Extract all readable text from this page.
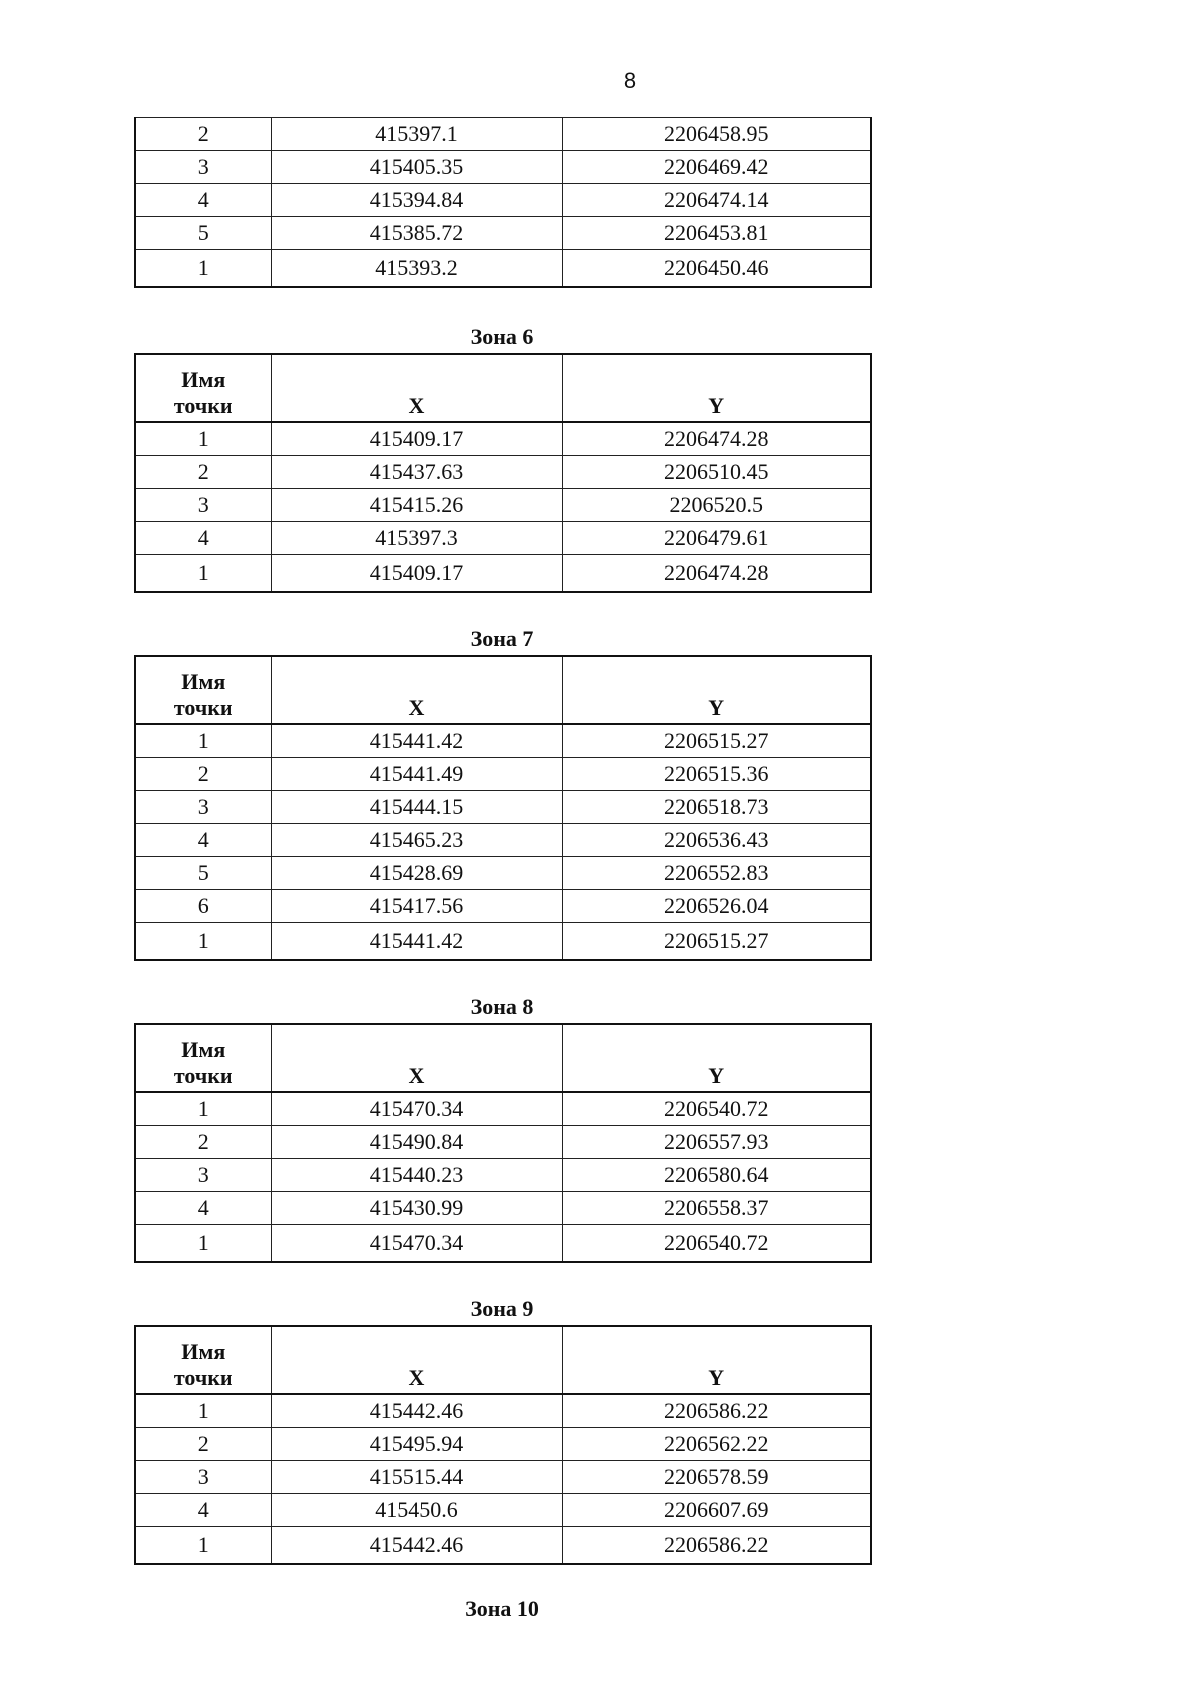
8
2	415397.1	2206458.95
3	415405.35	2206469.42
4	415394.84	2206474.14
5	415385.72	2206453.81
1	415393.2	2206450.46
Зона 6
Имя
точки	X	Y
1	415409.17	2206474.28
2	415437.63	2206510.45
3	415415.26	2206520.5
4	415397.3	2206479.61
1	415409.17	2206474.28
Зона 7
Имя
точки	X	Y
1	415441.42	2206515.27
2	415441.49	2206515.36
3	415444.15	2206518.73
4	415465.23	2206536.43
5	415428.69	2206552.83
6	415417.56	2206526.04
1	415441.42	2206515.27
Зона 8
Имя
точки	X	Y
1	415470.34	2206540.72
2	415490.84	2206557.93
3	415440.23	2206580.64
4	415430.99	2206558.37
1	415470.34	2206540.72
Зона 9
Имя
точки	X	Y
1	415442.46	2206586.22
2	415495.94	2206562.22
3	415515.44	2206578.59
4	415450.6	2206607.69
1	415442.46	2206586.22
Зона 10
